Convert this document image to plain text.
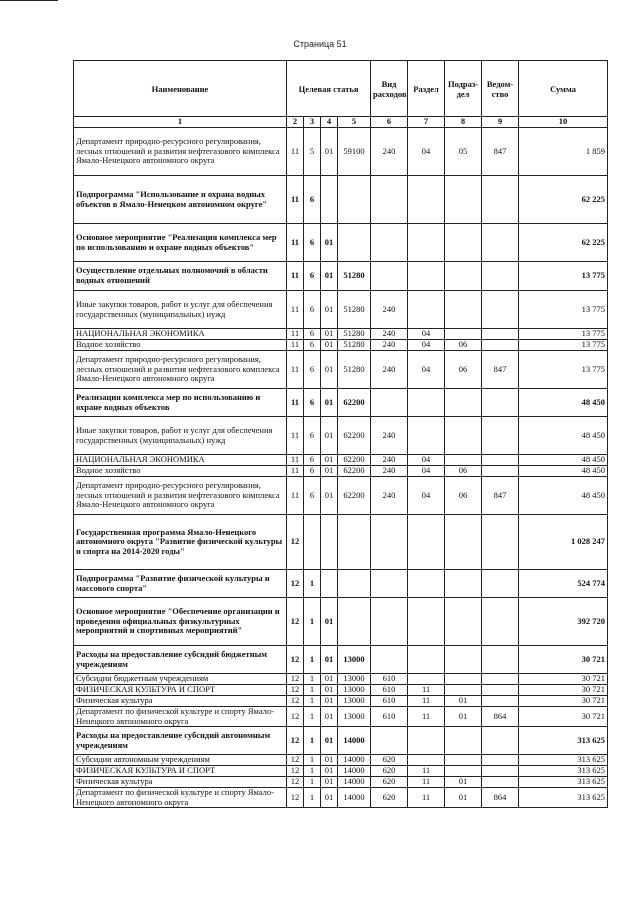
Страница 51
Наименование	Целевая статья				Вид расходов	Раздел	Подраз-дел	Ведом-ство	Сумма
1	2	3	4	5	6	7	8	9	10
Департамент природно-ресурсного регулирования, лесных отношений и развития нефтегазового комплекса Ямало-Ненецкого автономного округа	11	5	01	59100	240	04	05	847	1 859
Подпрограмма "Использование и охрана водных объектов в Ямало-Ненецком автономном округе"	11	6							62 225
Основное мероприятие "Реализация комплекса мер по использованию и охране водных объектов"	11	6	01						62 225
Осуществление отдельных полномочий в области водных отношений	11	6	01	51280					13 775
Иные закупки товаров, работ и услуг для обеспечения государственных (муниципальных) нужд	11	6	01	51280	240				13 775
НАЦИОНАЛЬНАЯ ЭКОНОМИКА	11	6	01	51280	240	04			13 775
Водное хозяйство	11	6	01	51280	240	04	06		13 775
Департамент природно-ресурсного регулирования, лесных отношений и развития нефтегазового комплекса Ямало-Ненецкого автономного округа	11	6	01	51280	240	04	06	847	13 775
Реализация комплекса мер по использованию и охране водных объектов	11	6	01	62200					48 450
Иные закупки товаров, работ и услуг для обеспечения государственных (муниципальных) нужд	11	6	01	62200	240				48 450
НАЦИОНАЛЬНАЯ ЭКОНОМИКА	11	6	01	62200	240	04			48 450
Водное хозяйство	11	6	01	62200	240	04	06		48 450
Департамент природно-ресурсного регулирования, лесных отношений и развития нефтегазового комплекса Ямало-Ненецкого автономного округа	11	6	01	62200	240	04	06	847	48 450
Государственная программа Ямало-Ненецкого автономного округа "Развитие физической культуры и спорта на 2014-2020 годы"	12								1 028 247
Подпрограмма "Развитие физической культуры и массового спорта"	12	1							524 774
Основное мероприятие "Обеспечение организации и проведения официальных физкультурных мероприятий и спортивных мероприятий"	12	1	01						392 720
Расходы на предоставление субсидий бюджетным учреждениям	12	1	01	13000					30 721
Субсидии бюджетным учреждениям	12	1	01	13000	610				30 721
ФИЗИЧЕСКАЯ КУЛЬТУРА И СПОРТ	12	1	01	13000	610	11			30 721
Физическая культура	12	1	01	13000	610	11	01		30 721
Департамент по физической культуре и спорту Ямало-Ненецкого автономного округа	12	1	01	13000	610	11	01	864	30 721
Расходы на предоставление субсидий автономным учреждениям	12	1	01	14000					313 625
Субсидии автономным учреждениям	12	1	01	14000	620				313 625
ФИЗИЧЕСКАЯ КУЛЬТУРА И СПОРТ	12	1	01	14000	620	11			313 625
Физическая культура	12	1	01	14000	620	11	01		313 625
Департамент по физической культуре и спорту Ямало-Ненецкого автономного округа	12	1	01	14000	620	11	01	864	313 625
